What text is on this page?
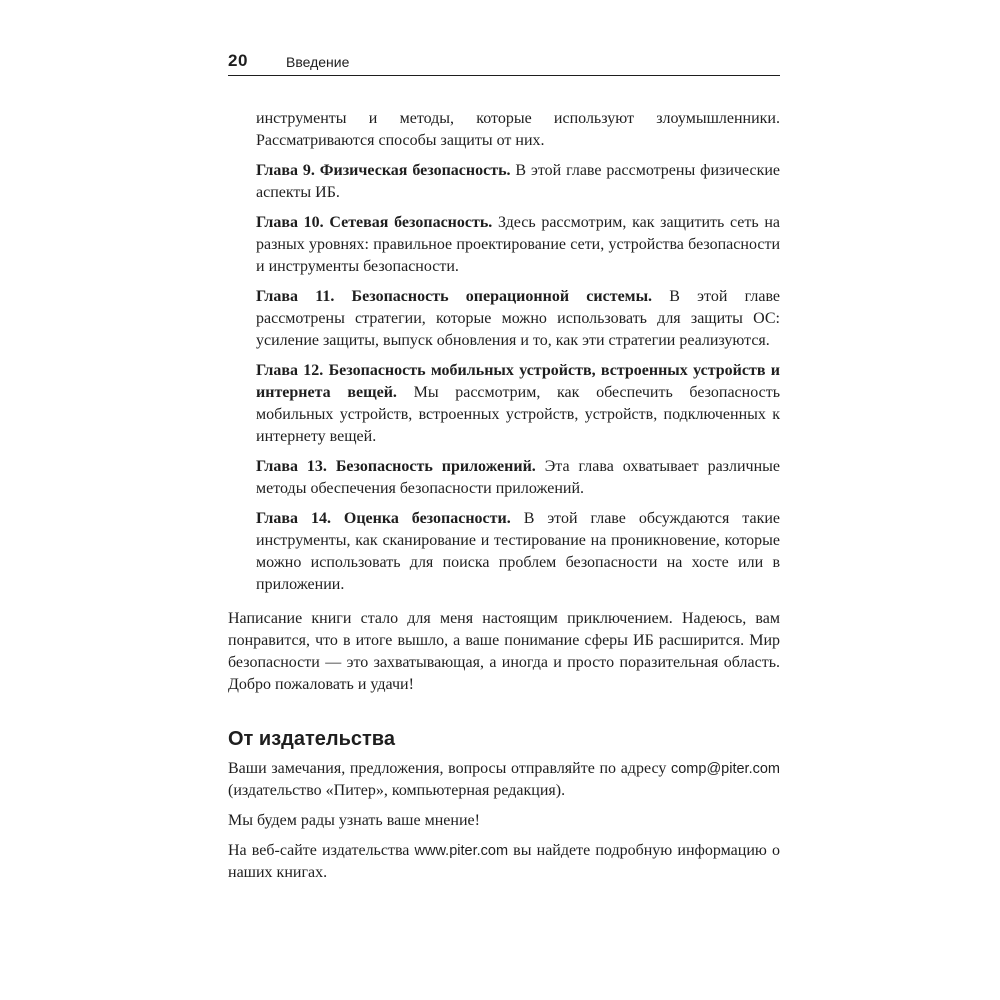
20	Введение

инструменты и методы, которые используют злоумышленники. Рассматриваются способы защиты от них.

Глава 9. Физическая безопасность. В этой главе рассмотрены физические аспекты ИБ.

Глава 10. Сетевая безопасность. Здесь рассмотрим, как защитить сеть на разных уровнях: правильное проектирование сети, устройства безопасности и инструменты безопасности.

Глава 11. Безопасность операционной системы. В этой главе рассмотрены стратегии, которые можно использовать для защиты ОС: усиление защиты, выпуск обновления и то, как эти стратегии реализуются.

Глава 12. Безопасность мобильных устройств, встроенных устройств и интернета вещей. Мы рассмотрим, как обеспечить безопасность мобильных устройств, встроенных устройств, устройств, подключенных к интернету вещей.

Глава 13. Безопасность приложений. Эта глава охватывает различные методы обеспечения безопасности приложений.

Глава 14. Оценка безопасности. В этой главе обсуждаются такие инструменты, как сканирование и тестирование на проникновение, которые можно использовать для поиска проблем безопасности на хосте или в приложении.

Написание книги стало для меня настоящим приключением. Надеюсь, вам понравится, что в итоге вышло, а ваше понимание сферы ИБ расширится. Мир безопасности — это захватывающая, а иногда и просто поразительная область. Добро пожаловать и удачи!

От издательства

Ваши замечания, предложения, вопросы отправляйте по адресу comp@piter.com (издательство «Питер», компьютерная редакция).

Мы будем рады узнать ваше мнение!

На веб-сайте издательства www.piter.com вы найдете подробную информацию о наших книгах.
